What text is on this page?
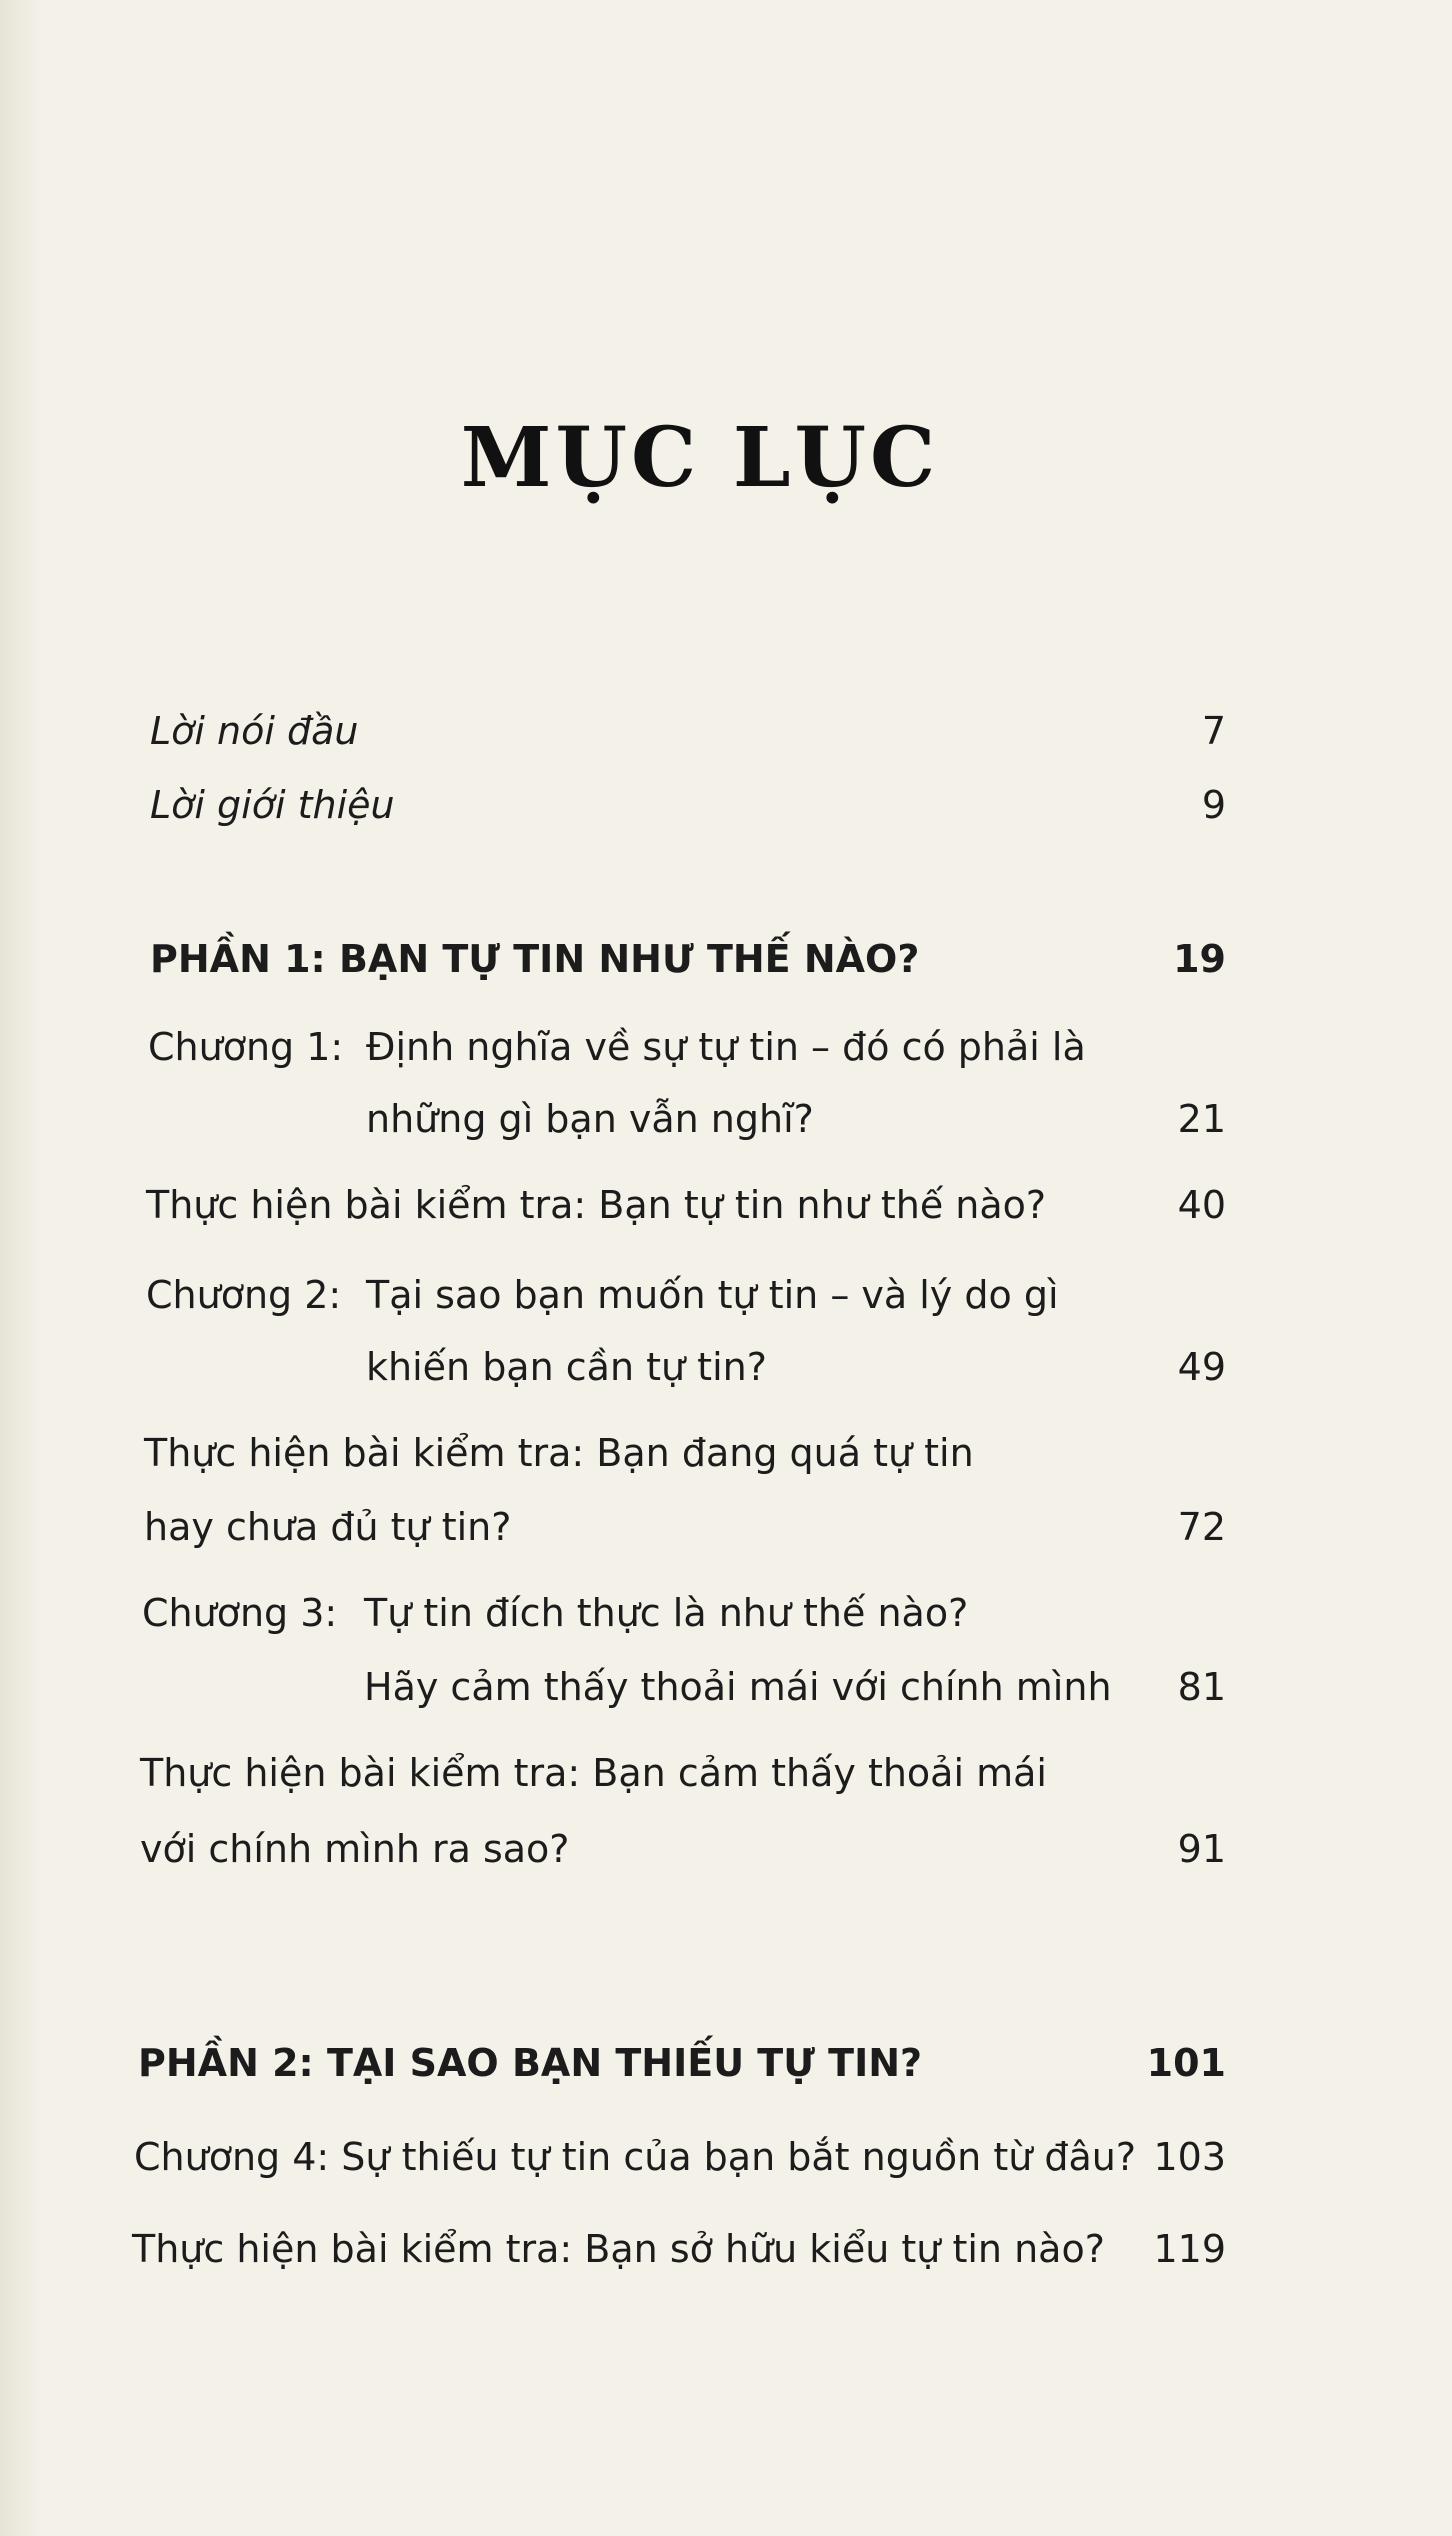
MỤC LỤC
Lời nói đầu	7
Lời giới thiệu	9
PHẦN 1: BẠN TỰ TIN NHƯ THẾ NÀO?	19
Chương 1: Định nghĩa về sự tự tin – đó có phải là
những gì bạn vẫn nghĩ?	21
Thực hiện bài kiểm tra: Bạn tự tin như thế nào?	40
Chương 2: Tại sao bạn muốn tự tin – và lý do gì
khiến bạn cần tự tin?	49
Thực hiện bài kiểm tra: Bạn đang quá tự tin
hay chưa đủ tự tin?	72
Chương 3: Tự tin đích thực là như thế nào?
Hãy cảm thấy thoải mái với chính mình 81
Thực hiện bài kiểm tra: Bạn cảm thấy thoải mái
với chính mình ra sao?	91
PHẦN 2: TẠI SAO BẠN THIẾU TỰ TIN?	101
Chương 4: Sự thiếu tự tin của bạn bắt nguồn từ đâu? 103
Thực hiện bài kiểm tra: Bạn sở hữu kiểu tự tin nào? 119
